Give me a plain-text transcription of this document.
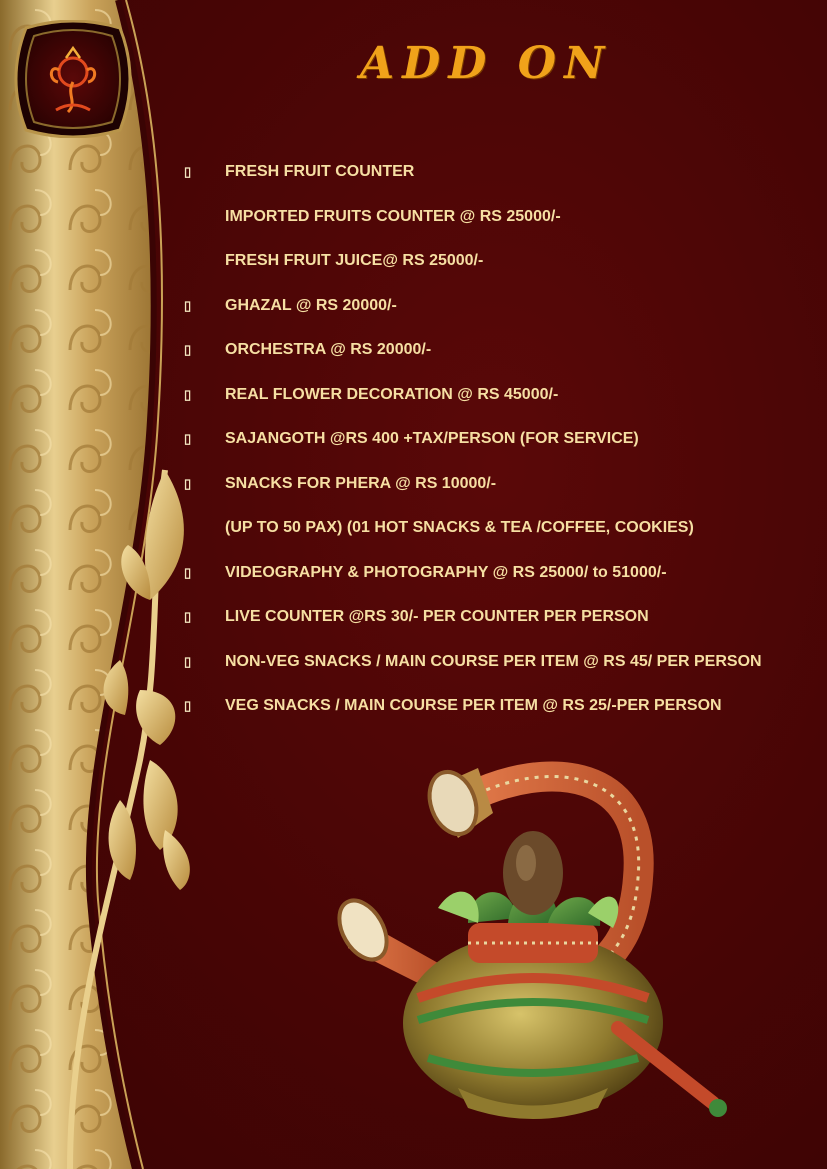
ADD ON
▯	FRESH FRUIT COUNTER
IMPORTED FRUITS COUNTER @ RS 25000/-
FRESH FRUIT JUICE@ RS 25000/-
▯	GHAZAL @ RS 20000/-
▯	ORCHESTRA @ RS 20000/-
▯	REAL FLOWER DECORATION @ RS 45000/-
▯	SAJANGOTH @RS 400 +TAX/PERSON (FOR SERVICE)
▯	SNACKS FOR PHERA @ RS 10000/-
(UP TO 50 PAX) (01 HOT SNACKS & TEA /COFFEE, COOKIES)
▯	VIDEOGRAPHY & PHOTOGRAPHY @ RS 25000/ to 51000/-
▯	LIVE COUNTER @RS 30/- PER COUNTER PER PERSON
▯	NON-VEG SNACKS / MAIN COURSE PER ITEM @ RS 45/ PER PERSON
▯	VEG SNACKS / MAIN COURSE PER ITEM @ RS 25/-PER PERSON
